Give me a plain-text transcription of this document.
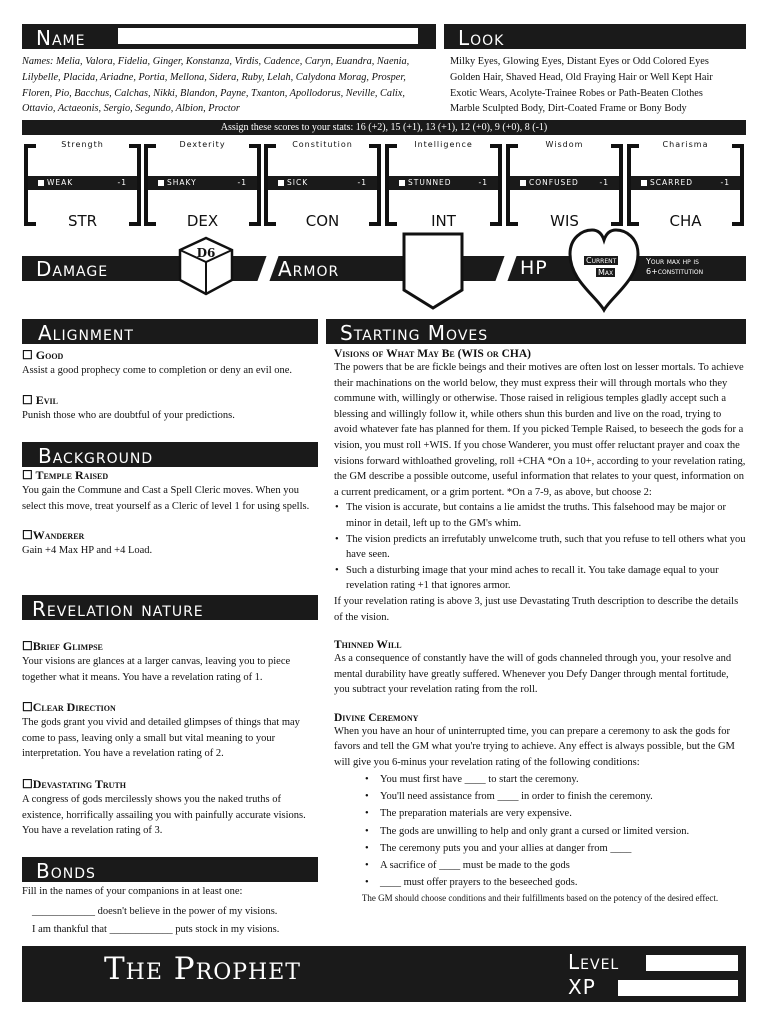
Name
Names: Melia, Valora, Fidelia, Ginger, Konstanza, Virdis, Cadence, Caryn, Euandra, Naenia, Lilybelle, Placida, Ariadne, Portia, Mellona, Sidera, Ruby, Lelah, Calydona Morag, Prosper, Floren, Pio, Bacchus, Calchas, Nikki, Blandon, Payne, Txanton, Apollodorus, Neville, Calix, Ottavio, Actaeonis, Sergio, Segundo, Albion, Proctor
Look
Milky Eyes, Glowing Eyes, Distant Eyes or Odd Colored Eyes
Golden Hair, Shaved Head, Old Fraying Hair or Well Kept Hair
Exotic Wears, Acolyte-Trainee Robes or Path-Beaten Clothes
Marble Sculpted Body, Dirt-Coated Frame or Bony Body
Assign these scores to your stats: 16 (+2), 15 (+1), 13 (+1), 12 (+0), 9 (+0), 8 (-1)
Strength
WEAK	-1
STR
Dexterity
SHAKY	-1
DEX
Constitution
SICK	-1
CON
Intelligence
STUNNED	-1
INT
Wisdom
CONFUSED	-1
WIS
Charisma
SCARRED	-1
CHA
Damage
D6
Armor	HP	Current
Max
Your max hp is
6+constitution
Alignment
☐ Good
Assist a good prophecy come to completion or deny an evil one.
☐ Evil
Punish those who are doubtful of your predictions.
Background
☐ Temple Raised
You gain the Commune and Cast a Spell Cleric moves. When you select this move, treat yourself as a Cleric of level 1 for using spells.
☐Wanderer
Gain +4 Max HP and +4 Load.
Revelation nature
☐Brief Glimpse
Your visions are glances at a larger canvas, leaving you to piece together what it means. You have a revelation rating of 1.
☐Clear Direction
The gods grant you vivid and detailed glimpses of things that may come to pass, leaving only a small but vital meaning to your interpretation. You have a revelation rating of 2.
☐Devastating Truth
A congress of gods mercilessly shows you the naked truths of existence, horrifically assailing you with painfully accurate visions. You have a revelation rating of 3.
Bonds
Fill in the names of your companions in at least one:
____________ doesn't believe in the power of my visions.
I am thankful that ____________ puts stock in my visions.
Starting Moves
Visions of What May Be (WIS or CHA)
The powers that be are fickle beings and their motives are often lost on lesser mortals. To achieve their machinations on the world below, they must express their will through mortals who they commune with, willingly or otherwise. Those raised in religious temples gladly accept such a blessing and willingly follow it, while others shun this burden and live on the road, trying to avoid whatever fate has planned for them. If you picked Temple Raised, to beseech the gods for a vision, you must roll +WIS. If you chose Wanderer, you must offer reluctant prayer and coax the visions forward withloathed groveling, roll +CHA *On a 10+, according to your revelation rating, the GM describe a possible outcome, useful information that relates to your quest, information on a current predicament, or a grim portent. *On a 7-9, as above, but choose 2:
• The vision is accurate, but contains a lie amidst the truths. This falsehood may be major or minor in detail, left up to the GM's whim.
• The vision predicts an irrefutably unwelcome truth, such that you refuse to tell others what you have seen.
• Such a disturbing image that your mind aches to recall it. You take damage equal to your revelation rating +1 that ignores armor.
If your revelation rating is above 3, just use Devastating Truth description to describe the details of the vision.
Thinned Will
As a consequence of constantly have the will of gods channeled through you, your resolve and mental durability have greatly suffered. Whenever you Defy Danger through mental fortitude, you subtract your revelation rating from the roll.
Divine Ceremony
When you have an hour of uninterrupted time, you can prepare a ceremony to ask the gods for favors and tell the GM what you're trying to achieve. Any effect is always possible, but the GM will give you 6-minus your revelation rating of the following conditions:
• You must first have ____ to start the ceremony.
• You'll need assistance from ____ in order to finish the ceremony.
• The preparation materials are very expensive.
• The gods are unwilling to help and only grant a cursed or limited version.
• The ceremony puts you and your allies at danger from ____
• A sacrifice of ____ must be made to the gods
• ____ must offer prayers to the beseeched gods.
The GM should choose conditions and their fulfillments based on the potency of the desired effect.
The Prophet	Level
XP
